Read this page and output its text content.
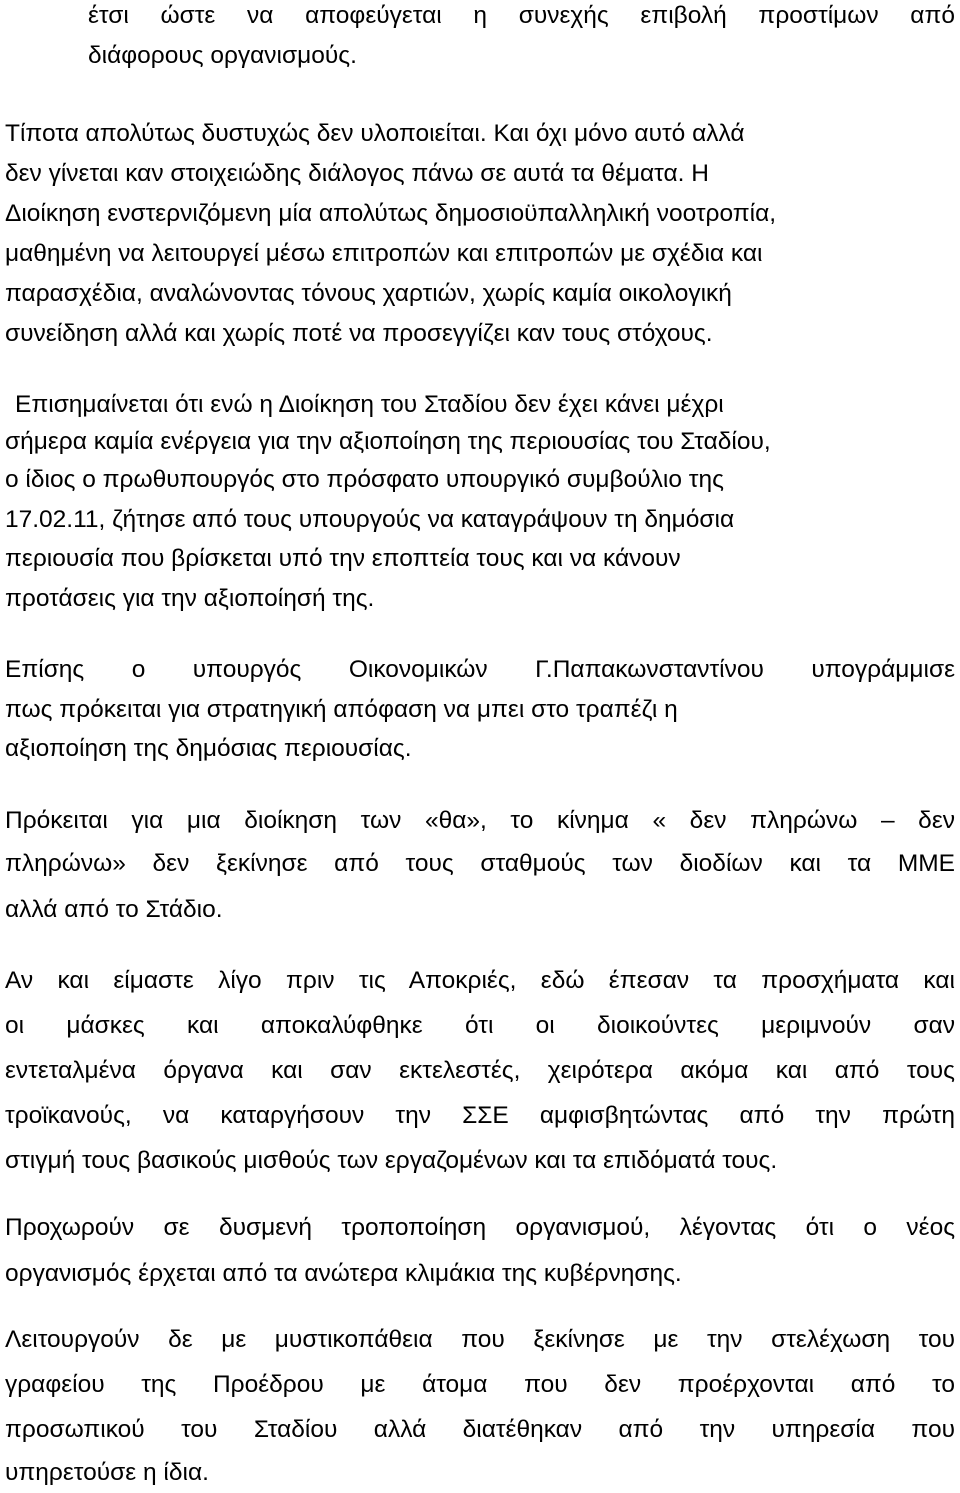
έτσι ώστε να αποφεύγεται η συνεχής επιβολή προστίμων από
διάφορους οργανισμούς.
Τίποτα απολύτως δυστυχώς δεν υλοποιείται. Και όχι μόνο αυτό αλλά
δεν γίνεται καν στοιχειώδης διάλογος πάνω σε αυτά τα θέματα. Η
Διοίκηση ενστερνιζόμενη μία απολύτως δημοσιοϋπαλληλική νοοτροπία,
μαθημένη να λειτουργεί μέσω επιτροπών και επιτροπών με σχέδια και
παρασχέδια, αναλώνοντας τόνους χαρτιών, χωρίς καμία οικολογική
συνείδηση αλλά και χωρίς ποτέ να προσεγγίζει καν τους στόχους.
Επισημαίνεται ότι ενώ η Διοίκηση του Σταδίου δεν έχει κάνει μέχρι
σήμερα καμία ενέργεια για την αξιοποίηση της περιουσίας του Σταδίου,
ο ίδιος ο πρωθυπουργός στο πρόσφατο υπουργικό συμβούλιο της
17.02.11, ζήτησε από τους υπουργούς να καταγράψουν τη δημόσια
περιουσία που βρίσκεται υπό την εποπτεία τους και να κάνουν
προτάσεις για την αξιοποίησή της.
Επίσης ο υπουργός Οικονομικών Γ.Παπακωνσταντίνου υπογράμμισε
πως πρόκειται για στρατηγική απόφαση να μπει στο τραπέζι η
αξιοποίηση της δημόσιας περιουσίας.
Πρόκειται για μια διοίκηση των «θα», το κίνημα « δεν πληρώνω – δεν
πληρώνω» δεν ξεκίνησε από τους σταθμούς των διοδίων και τα ΜΜΕ
αλλά από το Στάδιο.
Αν και είμαστε λίγο πριν τις Αποκριές, εδώ έπεσαν τα προσχήματα και
οι μάσκες και αποκαλύφθηκε ότι οι διοικούντες μεριμνούν σαν
εντεταλμένα όργανα και σαν εκτελεστές, χειρότερα ακόμα και από τους
τροϊκανούς, να καταργήσουν την ΣΣΕ αμφισβητώντας από την πρώτη
στιγμή τους βασικούς μισθούς των εργαζομένων και τα επιδόματά τους.
Προχωρούν σε δυσμενή τροποποίηση οργανισμού, λέγοντας ότι ο νέος
οργανισμός έρχεται από τα ανώτερα κλιμάκια της κυβέρνησης.
Λειτουργούν δε με μυστικοπάθεια που ξεκίνησε με την στελέχωση του
γραφείου της Προέδρου με άτομα που δεν προέρχονται από το
προσωπικού του Σταδίου αλλά διατέθηκαν από την υπηρεσία που
υπηρετούσε η ίδια.
